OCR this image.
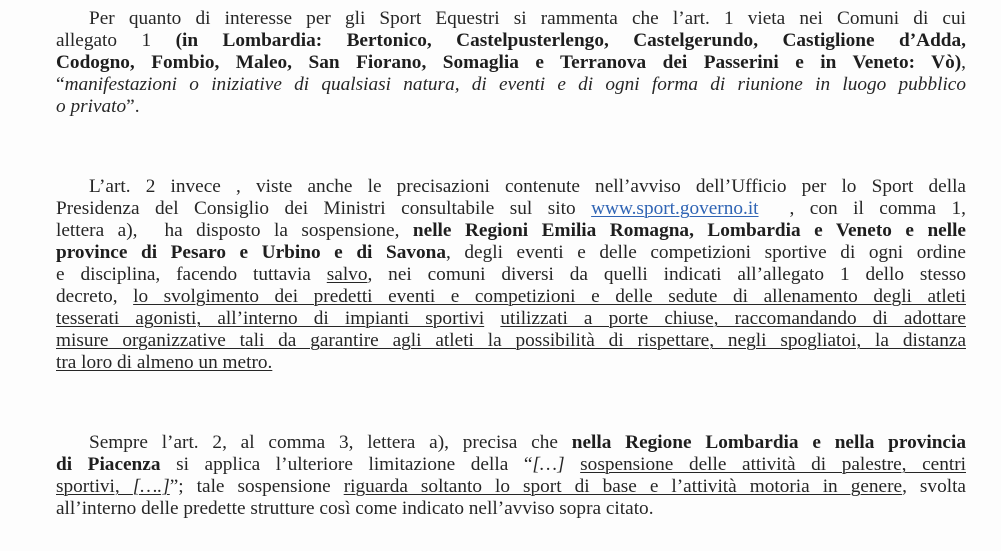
Per quanto di interesse per gli Sport Equestri si rammenta che l’art. 1 vieta nei Comuni di cui
allegato 1 (in Lombardia: Bertonico, Castelpusterlengo, Castelgerundo, Castiglione d’Adda,
Codogno, Fombio, Maleo, San Fiorano, Somaglia e Terranova dei Passerini e in Veneto: Vò),
“manifestazioni o iniziative di qualsiasi natura, di eventi e di ogni forma di riunione in luogo pubblico
o privato”.
L’art. 2 invece , viste anche le precisazioni contenute nell’avviso dell’Ufficio per lo Sport della
Presidenza del Consiglio dei Ministri consultabile sul sito www.sport.governo.it  , con il comma 1,
lettera a),  ha disposto la sospensione, nelle Regioni Emilia Romagna, Lombardia e Veneto e nelle
province di Pesaro e Urbino e di Savona, degli eventi e delle competizioni sportive di ogni ordine
e disciplina, facendo tuttavia salvo, nei comuni diversi da quelli indicati all’allegato 1 dello stesso
decreto, lo svolgimento dei predetti eventi e competizioni e delle sedute di allenamento degli atleti
tesserati agonisti, all’interno di impianti sportivi utilizzati a porte chiuse, raccomandando di adottare
misure organizzative tali da garantire agli atleti la possibilità di rispettare, negli spogliatoi, la distanza
tra loro di almeno un metro.
Sempre l’art. 2, al comma 3, lettera a), precisa che nella Regione Lombardia e nella provincia
di Piacenza si applica l’ulteriore limitazione della “[…] sospensione delle attività di palestre, centri
sportivi, [….]”; tale sospensione riguarda soltanto lo sport di base e l’attività motoria in genere, svolta
all’interno delle predette strutture così come indicato nell’avviso sopra citato.
